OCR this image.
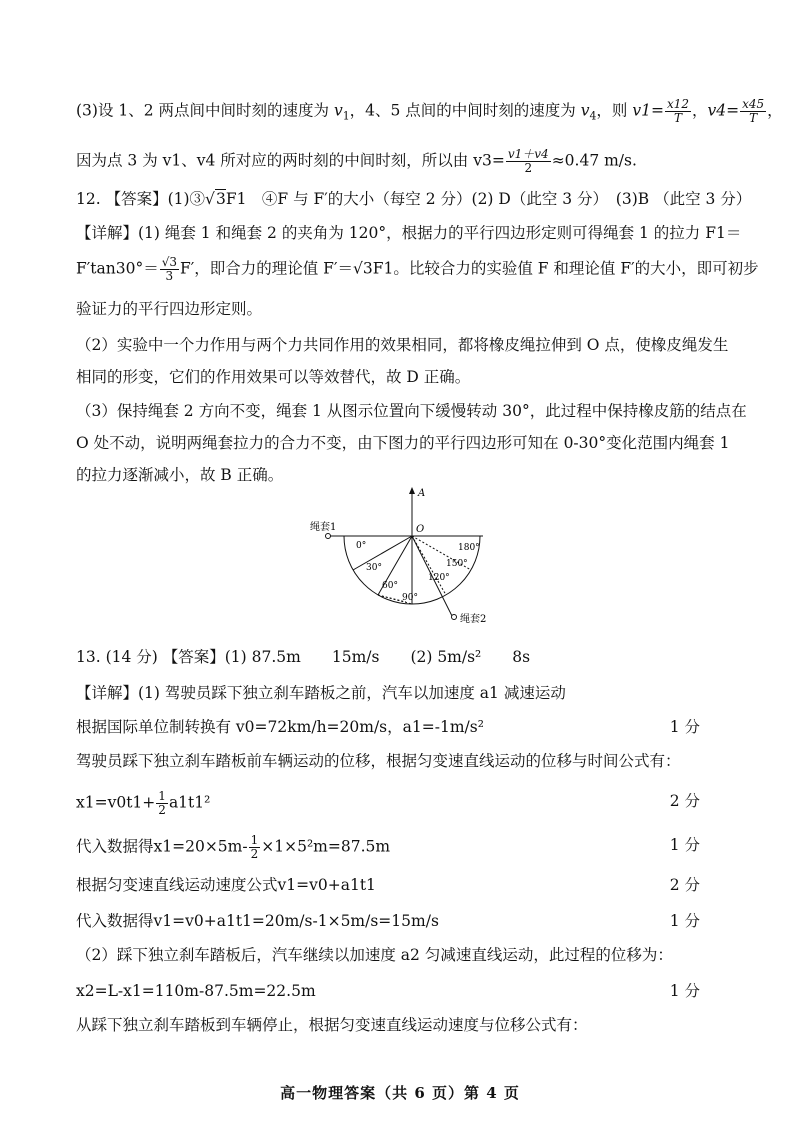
(3)设 1、2 两点间中间时刻的速度为 $v_1$，4、5 点间的中间时刻的速度为 $v_4$，则 $v1= \frac{x12}{T}$ ，$v4= \frac{x45}{T}$ ，
因为点 3 为 v1、v4 所对应的两时刻的中间时刻，所以由 $v3= \frac{v1+v4}{2} \approx 0.47$ m/s.
12. 【答案】(1)③√3F1　④F 与 F′的大小（每空 2 分）(2) D（此空 3 分）　(3)B （此空 3 分）
【详解】(1) 绳套 1 和绳套 2 的夹角为 120°，根据力的平行四边形定则可得绳套 1 的拉力 F1＝
$F'\tan 30^\circ= \frac{√3}{3} F'$，即合力的理论值 F′＝√3F1。比较合力的实验值 F 和理论值 F′的大小，即可初步
验证力的平行四边形定则。
（2）实验中一个力作用与两个力共同作用的效果相同，都将橡皮绳拉伸到 O 点，使橡皮绳发生
相同的形变，它们的作用效果可以等效替代，故 D 正确。
（3）保持绳套 2 方向不变，绳套 1 从图示位置向下缓慢转动 30°，此过程中保持橡皮筋的结点在
O 处不动，说明两绳套拉力的合力不变，由下图力的平行四边形可知在 0-30°变化范围内绳套 1
的拉力逐渐减小，故 B 正确。
A
绳套1	O
绳套2
0°
30°
60°
90°
120°
150°
180°
13. (14 分) 【答案】(1) 87.5m　　15m/s　　(2) 5m/s²　　8s
【详解】(1) 驾驶员踩下独立刹车踏板之前，汽车以加速度 a1 减速运动
根据国际单位制转换有 v0=72km/h=20m/s，a1=-1m/s²	1 分
驾驶员踩下独立刹车踏板前车辆运动的位移，根据匀变速直线运动的位移与时间公式有：
$x1=v0t1+ \frac{1}{2} a1t1^2$	2 分
代入数据得$x1=20\times 5m- \frac{1}{2} \times 1\times 5^2m=87.5m$	1 分
根据匀变速直线运动速度公式v1=v0+a1t1	2 分
代入数据得v1=v0+a1t1=20m/s-1×5m/s=15m/s	1 分
（2）踩下独立刹车踏板后，汽车继续以加速度 a2 匀减速直线运动，此过程的位移为：
x2=L-x1=110m-87.5m=22.5m	1 分
从踩下独立刹车踏板到车辆停止，根据匀变速直线运动速度与位移公式有：
高一物理答案（共 6 页）第 4 页
